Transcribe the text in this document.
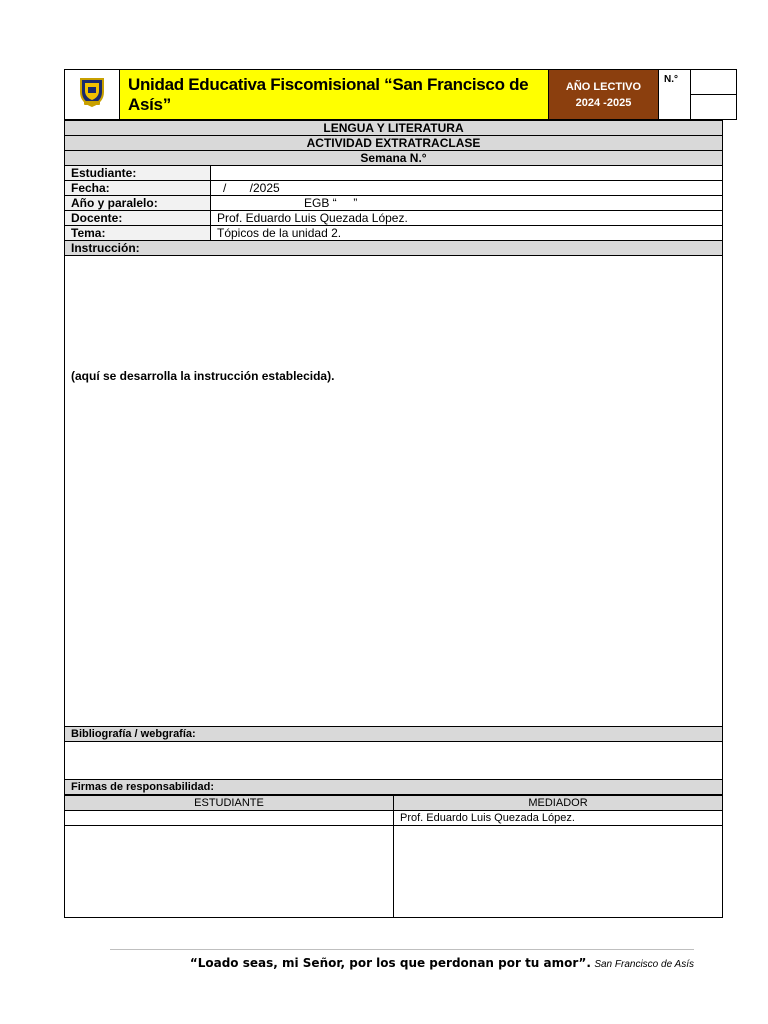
	Unidad Educativa Fiscomisional “San Francisco de Asís”	
AÑO LECTIVO
2024 -2025
	N.°	

LENGUA Y LITERATURA	
ACTIVIDAD EXTRATRACLASE	
Semana N.°	
Estudiante:	
Fecha:	/       /2025
Año y paralelo:	EGB “     ”
Docente:	Prof. Eduardo Luis Quezada López.
Tema:	Tópicos de la unidad 2.
Instrucción:	
(aquí se desarrolla la instrucción establecida).	
Bibliografía / webgrafía:	

Firmas de responsabilidad:	
ESTUDIANTE	MEDIADOR
	Prof. Eduardo Luis Quezada López.

“Loado seas, mi Señor, por los que perdonan por tu amor”. San Francisco de Asís
